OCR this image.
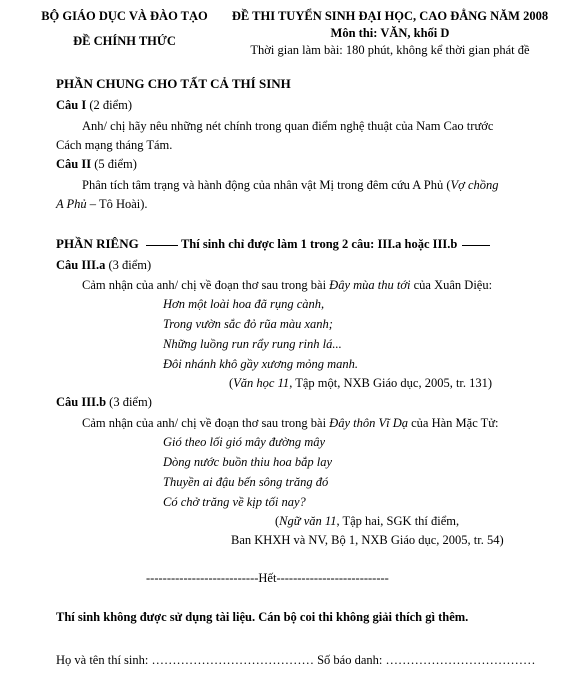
BỘ GIÁO DỤC VÀ ĐÀO TẠO
ĐỀ CHÍNH THỨC
ĐỀ THI TUYỂN SINH ĐẠI HỌC, CAO ĐẲNG NĂM 2008
Môn thi: VĂN, khối D
Thời gian làm bài: 180 phút, không kể thời gian phát đề
PHẦN CHUNG CHO TẤT CẢ THÍ SINH
Câu I (2 điểm)
Anh/ chị hãy nêu những nét chính trong quan điểm nghệ thuật của Nam Cao trước
Cách mạng tháng Tám.
Câu II (5 điểm)
Phân tích tâm trạng và hành động của nhân vật Mị trong đêm cứu A Phủ (Vợ chồng
A Phủ – Tô Hoài).
PHẦN RIÊNG	Thí sinh chỉ được làm 1 trong 2 câu: III.a hoặc III.b
Câu III.a (3 điểm)
Cảm nhận của anh/ chị về đoạn thơ sau trong bài Đây mùa thu tới của Xuân Diệu:
Hơn một loài hoa đã rụng cành,
Trong vườn sắc đỏ rũa màu xanh;
Những luồng run rẩy rung rinh lá...
Đôi nhánh khô gầy xương mỏng manh.
(Văn học 11, Tập một, NXB Giáo dục, 2005, tr. 131)
Câu III.b (3 điểm)
Cảm nhận của anh/ chị về đoạn thơ sau trong bài Đây thôn Vĩ Dạ của Hàn Mặc Tử:
Gió theo lối gió mây đường mây
Dòng nước buồn thiu hoa bắp lay
Thuyền ai đậu bến sông trăng đó
Có chở trăng về kịp tối nay?
(Ngữ văn 11, Tập hai, SGK thí điểm,
Ban KHXH và NV, Bộ 1, NXB Giáo dục, 2005, tr. 54)
---------------------------Hết---------------------------
Thí sinh không được sử dụng tài liệu. Cán bộ coi thi không giải thích gì thêm.
Họ và tên thí sinh: ………………………………… Số báo danh: ………………………………
